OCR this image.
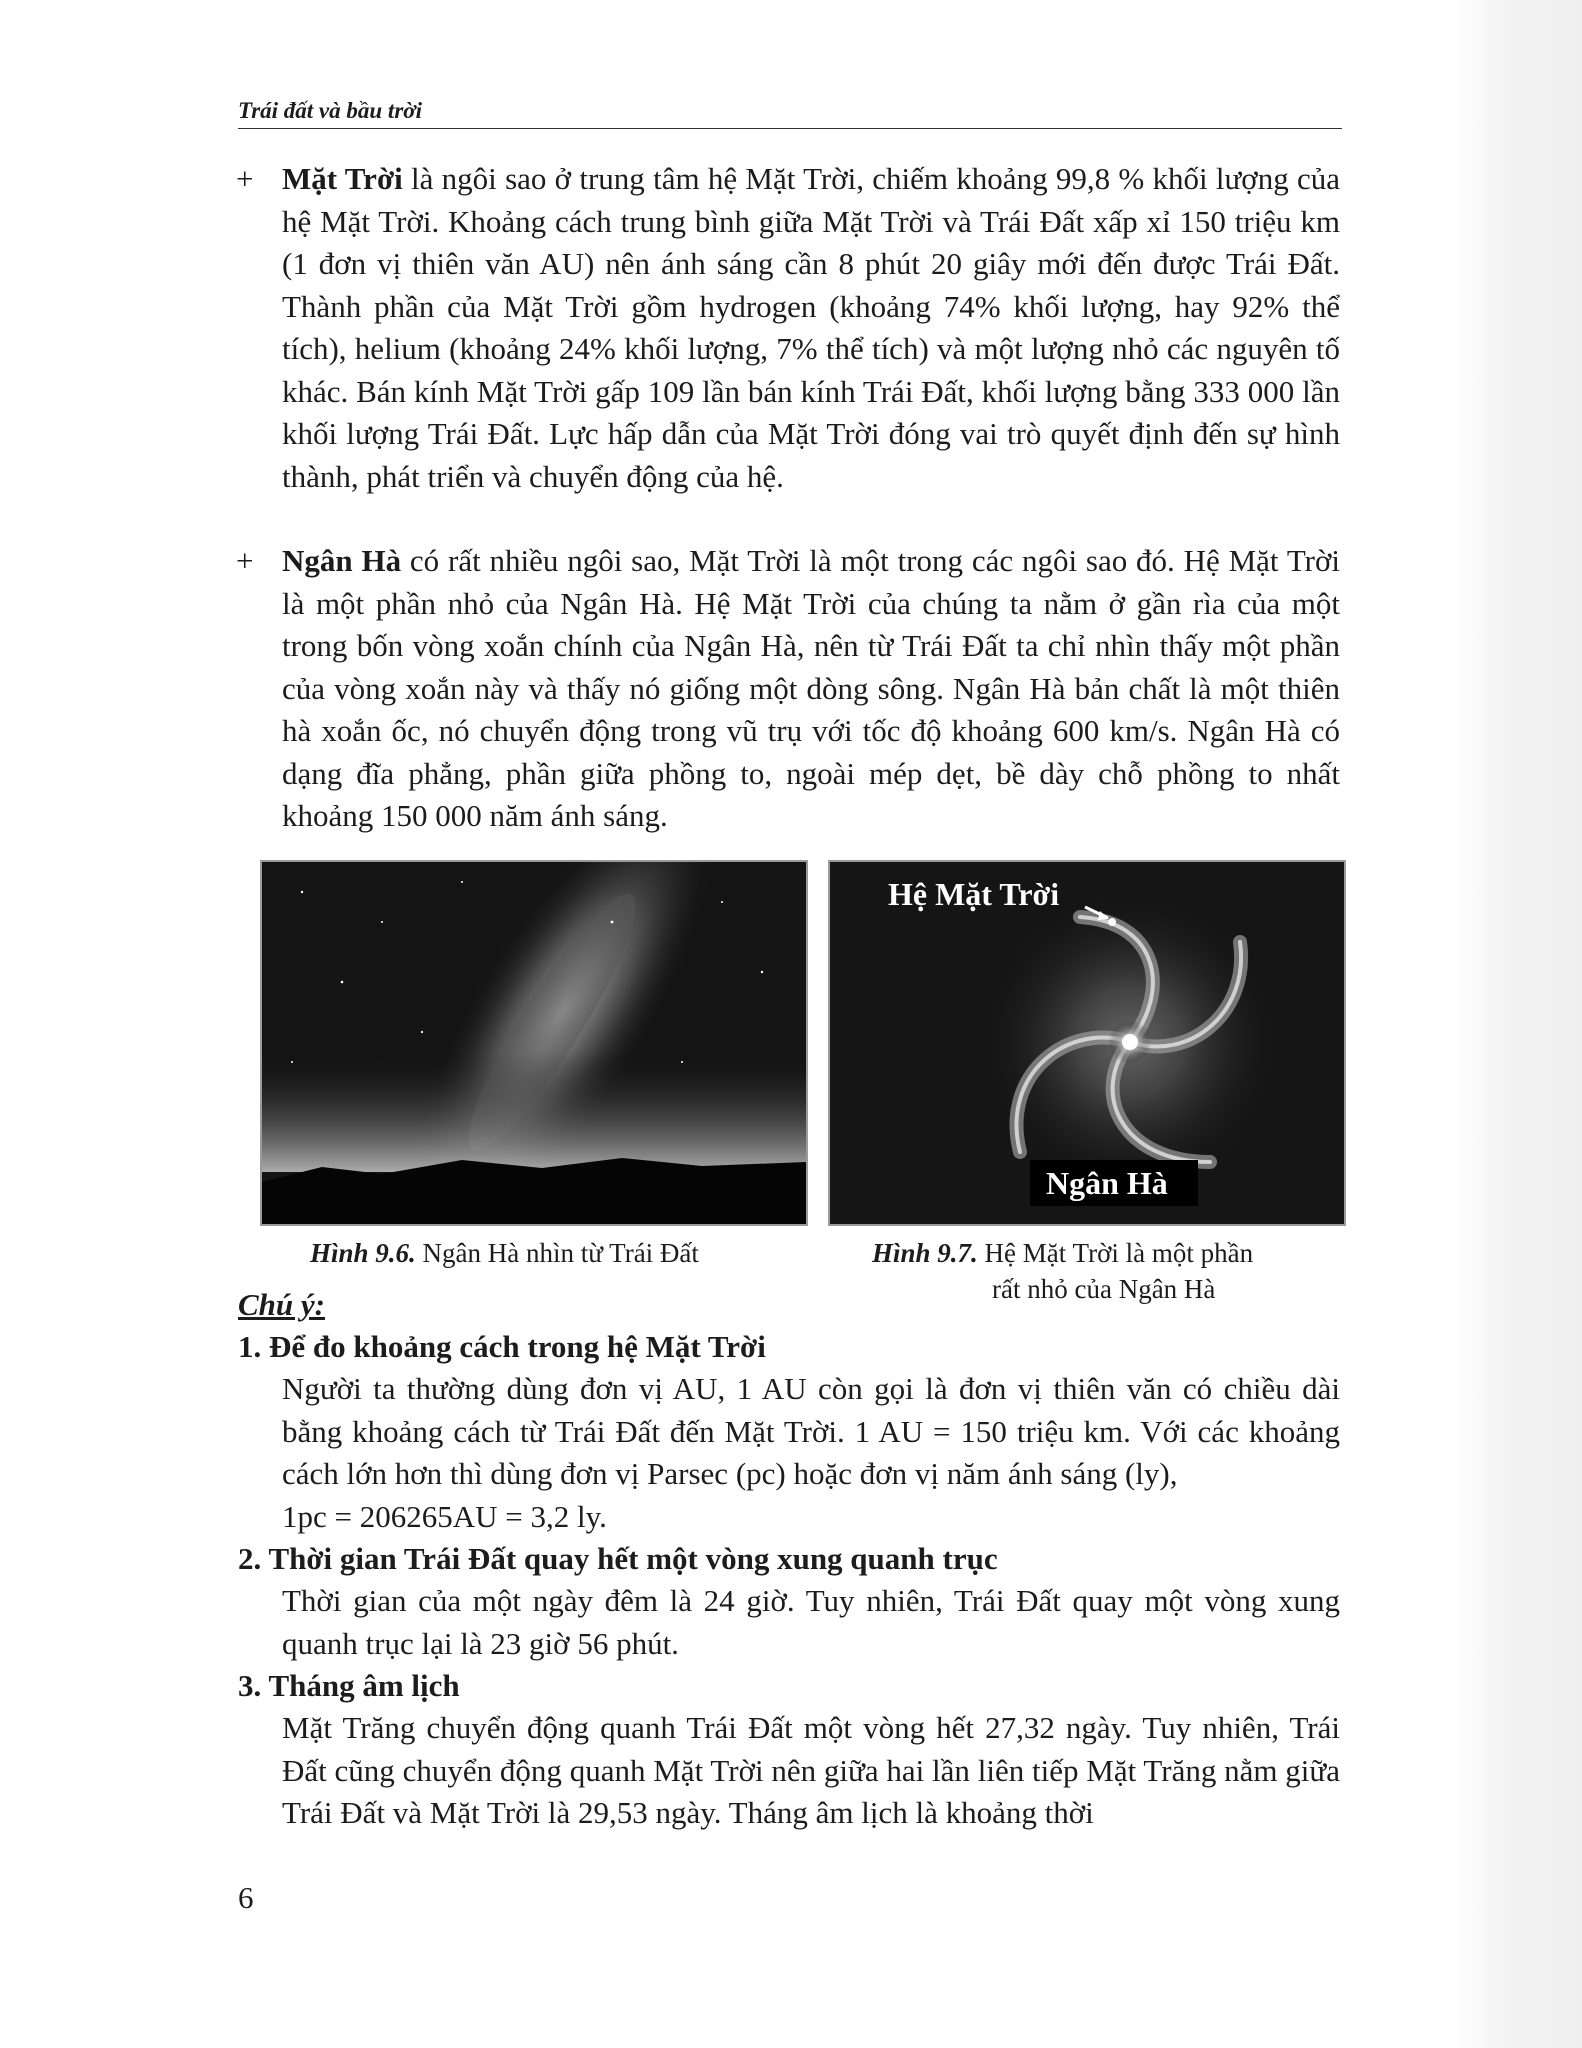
Trái đất và bầu trời
+ Mặt Trời là ngôi sao ở trung tâm hệ Mặt Trời, chiếm khoảng 99,8 % khối lượng của hệ Mặt Trời. Khoảng cách trung bình giữa Mặt Trời và Trái Đất xấp xỉ 150 triệu km (1 đơn vị thiên văn AU) nên ánh sáng cần 8 phút 20 giây mới đến được Trái Đất. Thành phần của Mặt Trời gồm hydrogen (khoảng 74% khối lượng, hay 92% thể tích), helium (khoảng 24% khối lượng, 7% thể tích) và một lượng nhỏ các nguyên tố khác. Bán kính Mặt Trời gấp 109 lần bán kính Trái Đất, khối lượng bằng 333 000 lần khối lượng Trái Đất. Lực hấp dẫn của Mặt Trời đóng vai trò quyết định đến sự hình thành, phát triển và chuyển động của hệ.
+ Ngân Hà có rất nhiều ngôi sao, Mặt Trời là một trong các ngôi sao đó. Hệ Mặt Trời là một phần nhỏ của Ngân Hà. Hệ Mặt Trời của chúng ta nằm ở gần rìa của một trong bốn vòng xoắn chính của Ngân Hà, nên từ Trái Đất ta chỉ nhìn thấy một phần của vòng xoắn này và thấy nó giống một dòng sông. Ngân Hà bản chất là một thiên hà xoắn ốc, nó chuyển động trong vũ trụ với tốc độ khoảng 600 km/s. Ngân Hà có dạng đĩa phẳng, phần giữa phồng to, ngoài mép dẹt, bề dày chỗ phồng to nhất khoảng 150 000 năm ánh sáng.
Hình 9.6. Ngân Hà nhìn từ Trái Đất
Hệ Mặt Trời
Ngân Hà
Hình 9.7. Hệ Mặt Trời là một phần
rất nhỏ của Ngân Hà
Chú ý:
1. Để đo khoảng cách trong hệ Mặt Trời
Người ta thường dùng đơn vị AU, 1 AU còn gọi là đơn vị thiên văn có chiều dài bằng khoảng cách từ Trái Đất đến Mặt Trời. 1 AU = 150 triệu km. Với các khoảng cách lớn hơn thì dùng đơn vị Parsec (pc) hoặc đơn vị năm ánh sáng (ly),
1pc = 206265AU = 3,2 ly.
2. Thời gian Trái Đất quay hết một vòng xung quanh trục
Thời gian của một ngày đêm là 24 giờ. Tuy nhiên, Trái Đất quay một vòng xung quanh trục lại là 23 giờ 56 phút.
3. Tháng âm lịch
Mặt Trăng chuyển động quanh Trái Đất một vòng hết 27,32 ngày. Tuy nhiên, Trái Đất cũng chuyển động quanh Mặt Trời nên giữa hai lần liên tiếp Mặt Trăng nằm giữa Trái Đất và Mặt Trời là 29,53 ngày. Tháng âm lịch là khoảng thời
6
